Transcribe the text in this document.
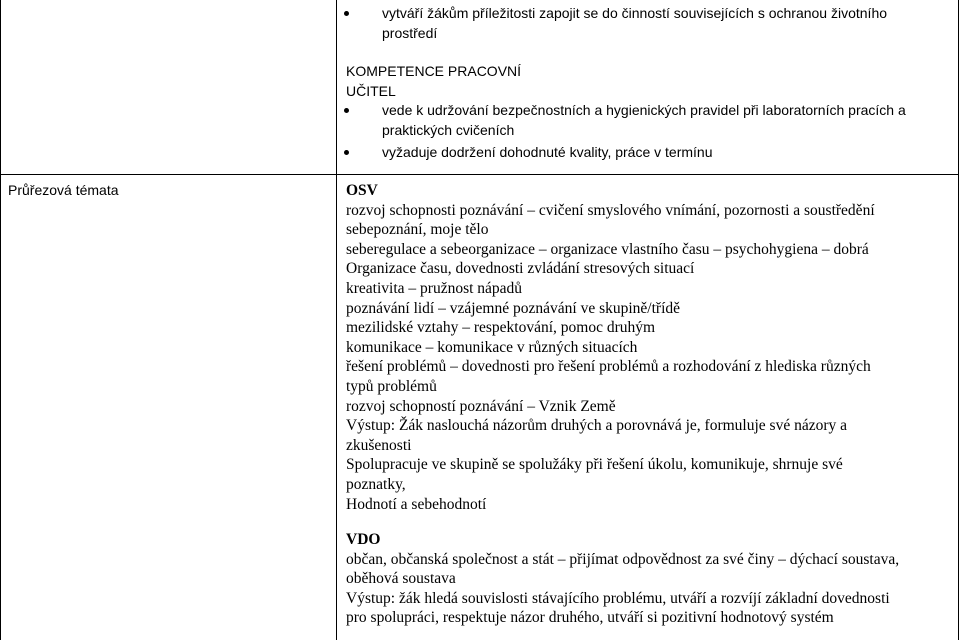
vytváří žákům příležitosti zapojit se do činností souvisejících s ochranou životního prostředí
KOMPETENCE PRACOVNÍ
UČITEL
vede k udržování bezpečnostních a hygienických pravidel při laboratorních pracích a praktických cvičeních
vyžaduje dodržení dohodnuté kvality, práce v termínu
Průřezová témata	OSV
rozvoj schopnosti poznávání – cvičení smyslového vnímání, pozornosti a soustředění
sebepoznání, moje tělo
seberegulace a sebeorganizace – organizace vlastního času – psychohygiena – dobrá
Organizace času, dovednosti zvládání stresových situací
kreativita – pružnost nápadů
poznávání lidí – vzájemné poznávání ve skupině/třídě
mezilidské vztahy – respektování, pomoc druhým
komunikace – komunikace v různých situacích
řešení problémů – dovednosti pro řešení problémů a rozhodování z hlediska různých
typů problémů
rozvoj schopností poznávání – Vznik Země
Výstup: Žák naslouchá názorům druhých a porovnává je, formuluje své názory a
zkušenosti
Spolupracuje ve skupině se spolužáky při řešení úkolu, komunikuje, shrnuje své
poznatky,
Hodnotí a sebehodnotí
VDO
občan, občanská společnost a stát – přijímat odpovědnost za své činy – dýchací soustava,
oběhová soustava
Výstup: žák hledá souvislosti stávajícího problému, utváří a rozvíjí základní dovednosti
pro spolupráci, respektuje názor druhého, utváří si pozitivní hodnotový systém
